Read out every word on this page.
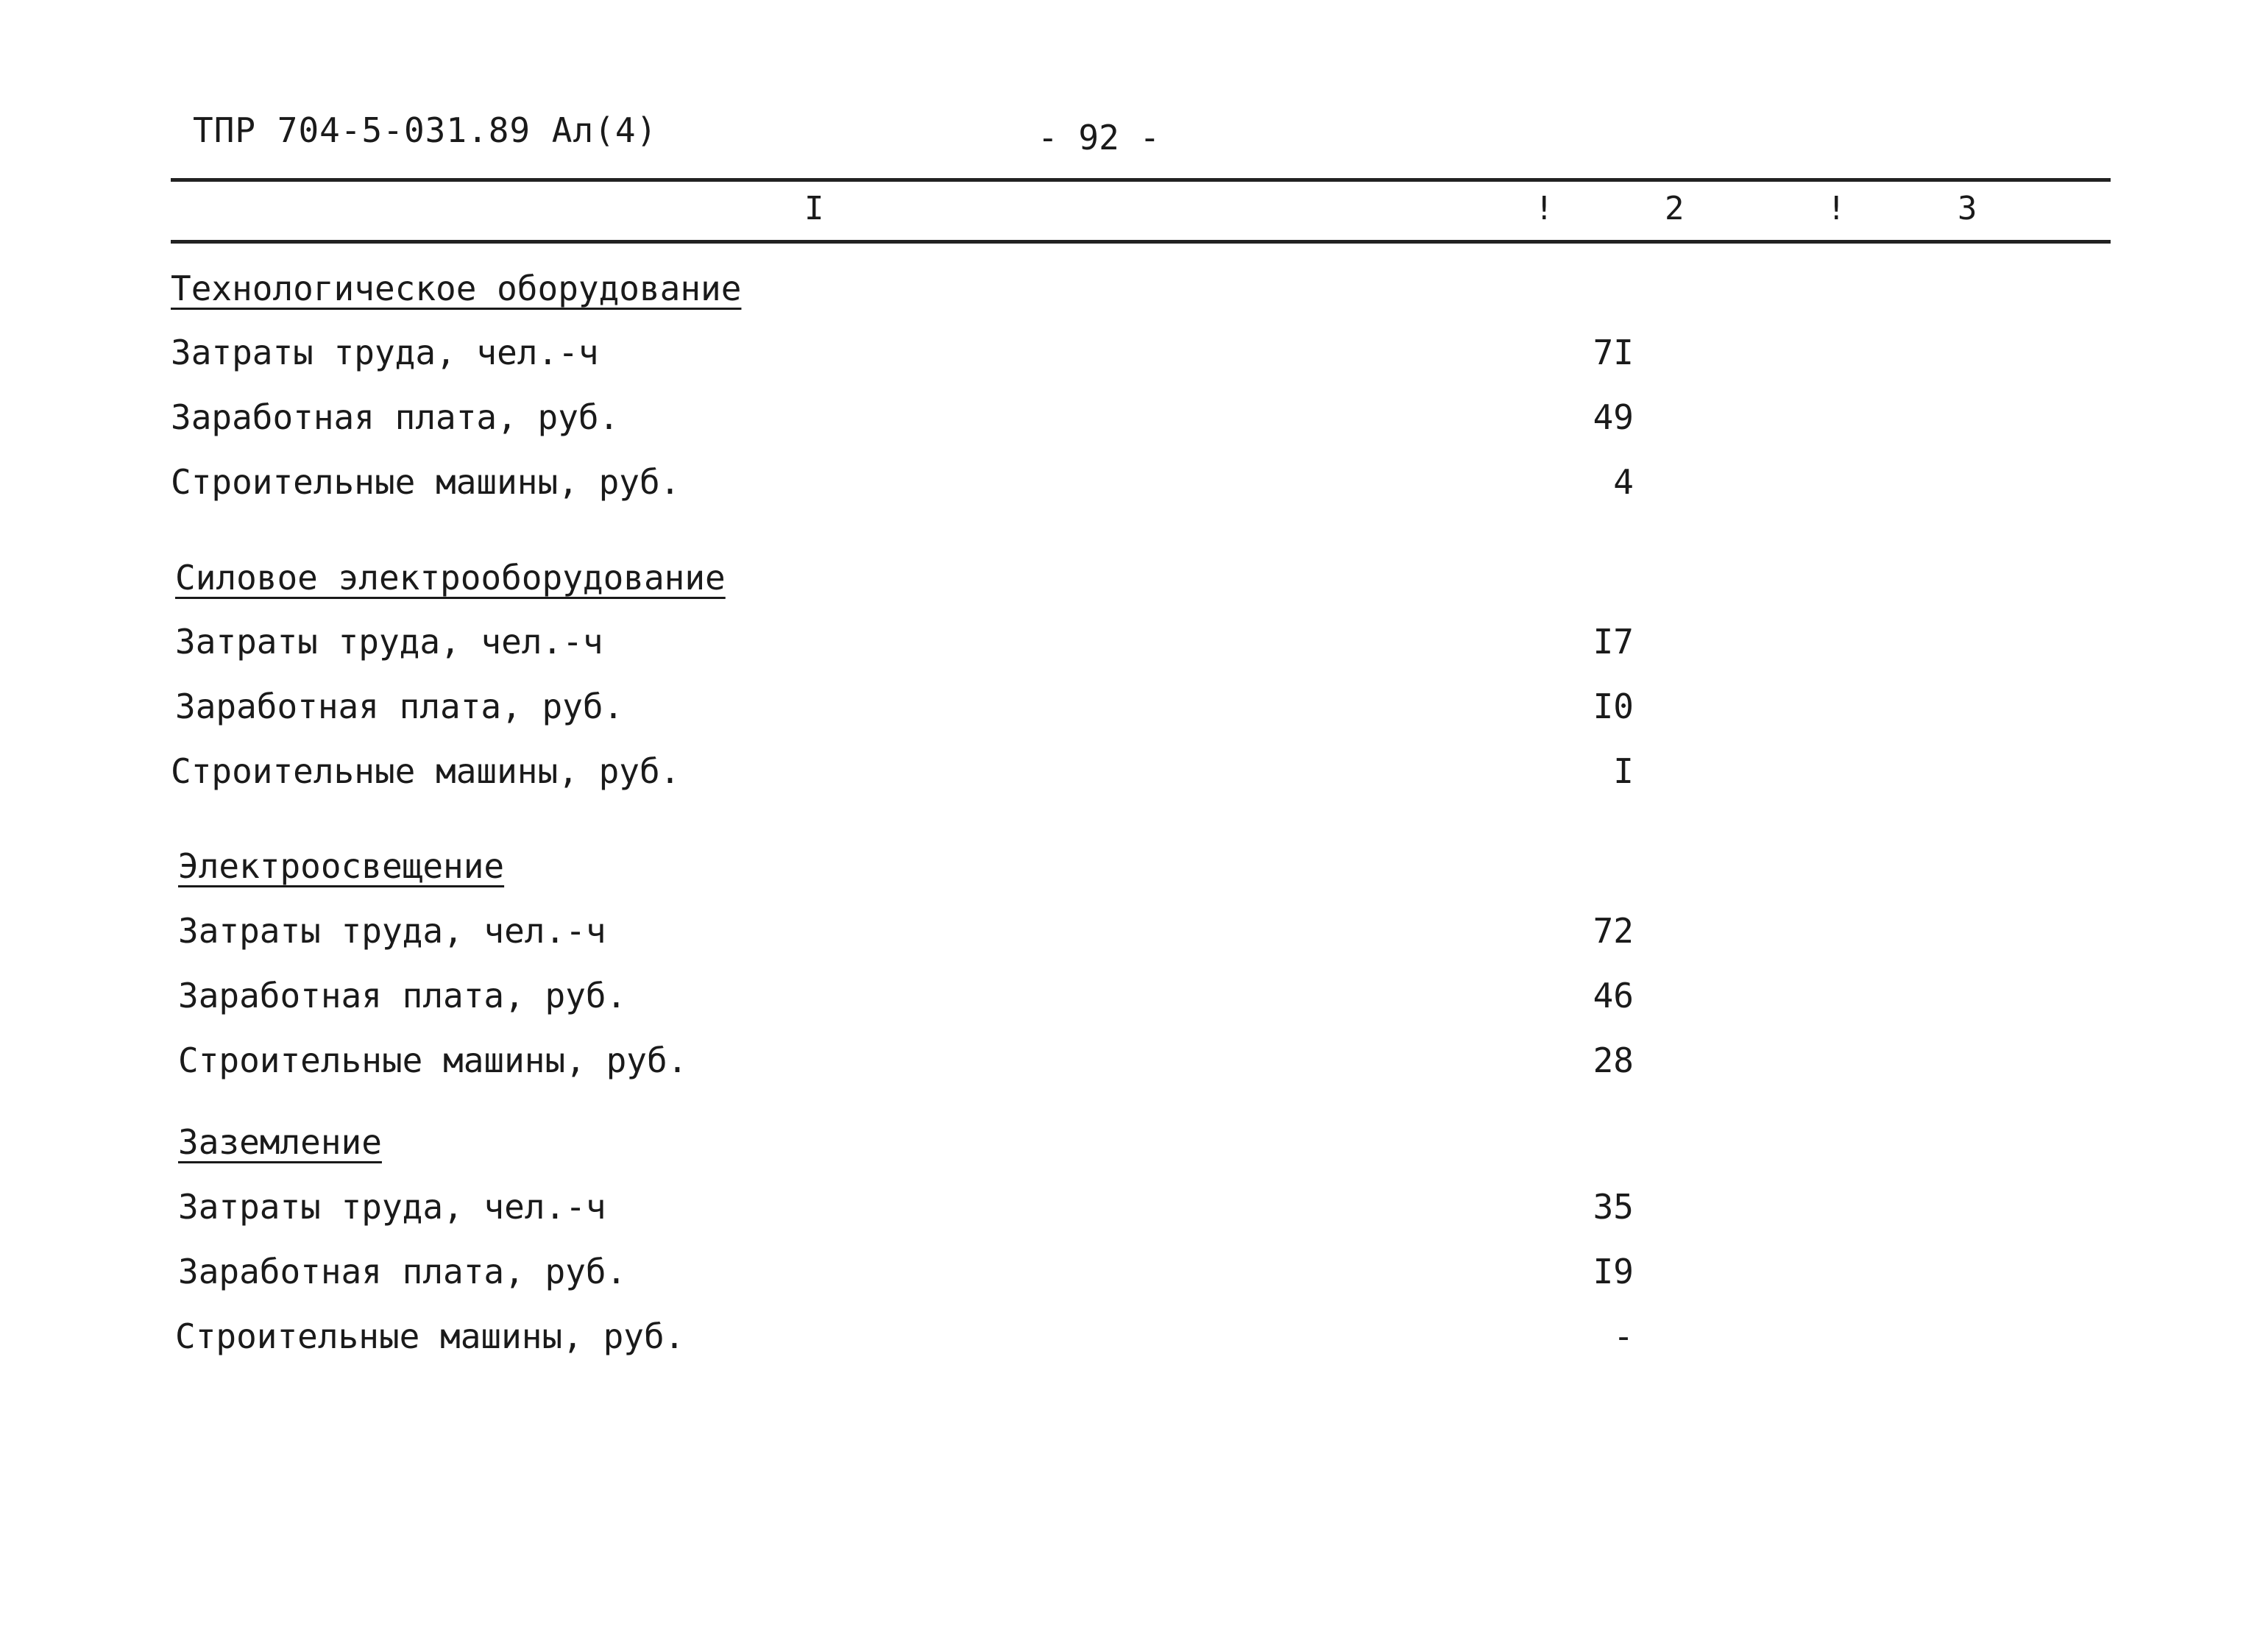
ТПР 704-5-031.89 Ал(4)	- 92 -
I	!	2	!	3
Технологическое оборудование
Затраты труда, чел.-ч	7I
Заработная плата, руб.	49
Строительные машины, руб.	4
Силовое электрооборудование
Затраты труда, чел.-ч	I7
Заработная плата, руб.	I0
Строительные машины, руб.	I
Электроосвещение
Затраты труда, чел.-ч	72
Заработная плата, руб.	46
Строительные машины, руб.	28
Заземление
Затраты труда, чел.-ч	35
Заработная плата, руб.	I9
Строительные машины, руб.	-
